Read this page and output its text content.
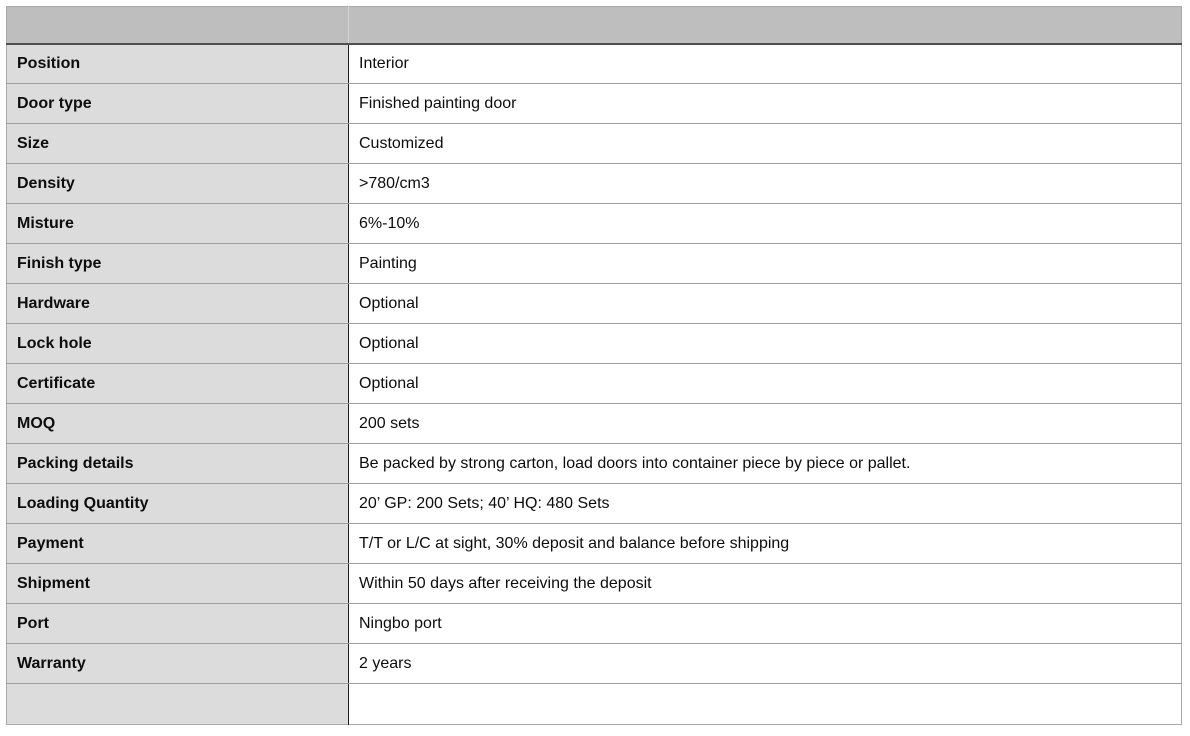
Position	Interior
Door type	Finished painting door
Size	Customized
Density	>780/cm3
Misture	6%-10%
Finish type	Painting
Hardware	Optional
Lock hole	Optional
Certificate	Optional
MOQ	200 sets
Packing details	Be packed by strong carton, load doors into container piece by piece or pallet.
Loading Quantity	20’ GP: 200 Sets; 40’ HQ: 480 Sets
Payment	T/T or L/C at sight, 30% deposit and balance before shipping
Shipment	Within 50 days after receiving the deposit
Port	Ningbo port
Warranty	2 years
